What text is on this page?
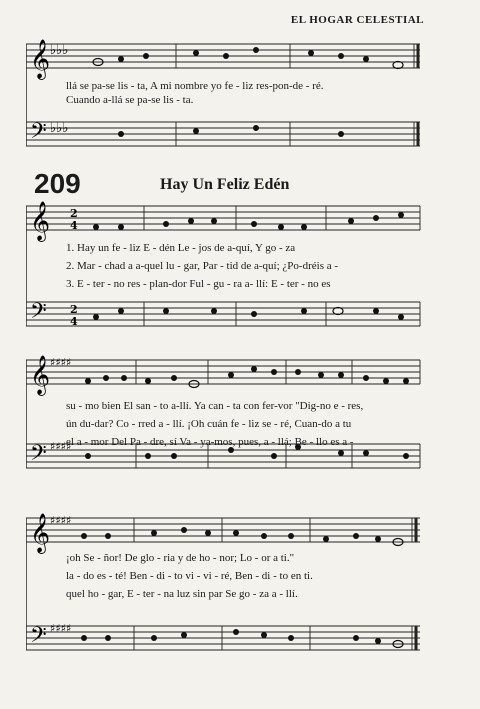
EL HOGAR CELESTIAL
𝄞
𝄢
♭♭♭
♭♭♭
llá se pa-se lis - ta, A mi nombre yo fe - liz res-pon-de - ré.
Cuando a-llá se pa-se lis - ta.
209	Hay Un Feliz Edén
𝄞
𝄢
2
4
2
4
1. Hay un fe - liz E - dén Le - jos de a-quí, Y go - za
2. Mar - chad a a-quel lu - gar, Par - tid de a-quí; ¿Po-dréis a -
3. E - ter - no res - plan-dor Ful - gu - ra a- llí: E - ter - no es
𝄞
𝄢
♯♯♯♯
♯♯♯♯
su - mo bien El san - to a-llí. Ya can - ta con fer-vor "Dig-no e - res,
ún du-dar? Co - rred a - llí. ¡Oh cuán fe - liz se - ré, Cuan-do a tu
el a - mor Del Pa - dre, sí Va - ya-mos, pues, a - llá; Be - llo es a -
𝄞
𝄢
♯♯♯♯
♯♯♯♯
¡oh Se - ñor! De glo - ria y de ho - nor; Lo - or a ti."
la - do es - té! Ben - di - to vi - vi - ré, Ben - di - to en ti.
quel ho - gar, E - ter - na luz sin par Se go - za a - llí.
